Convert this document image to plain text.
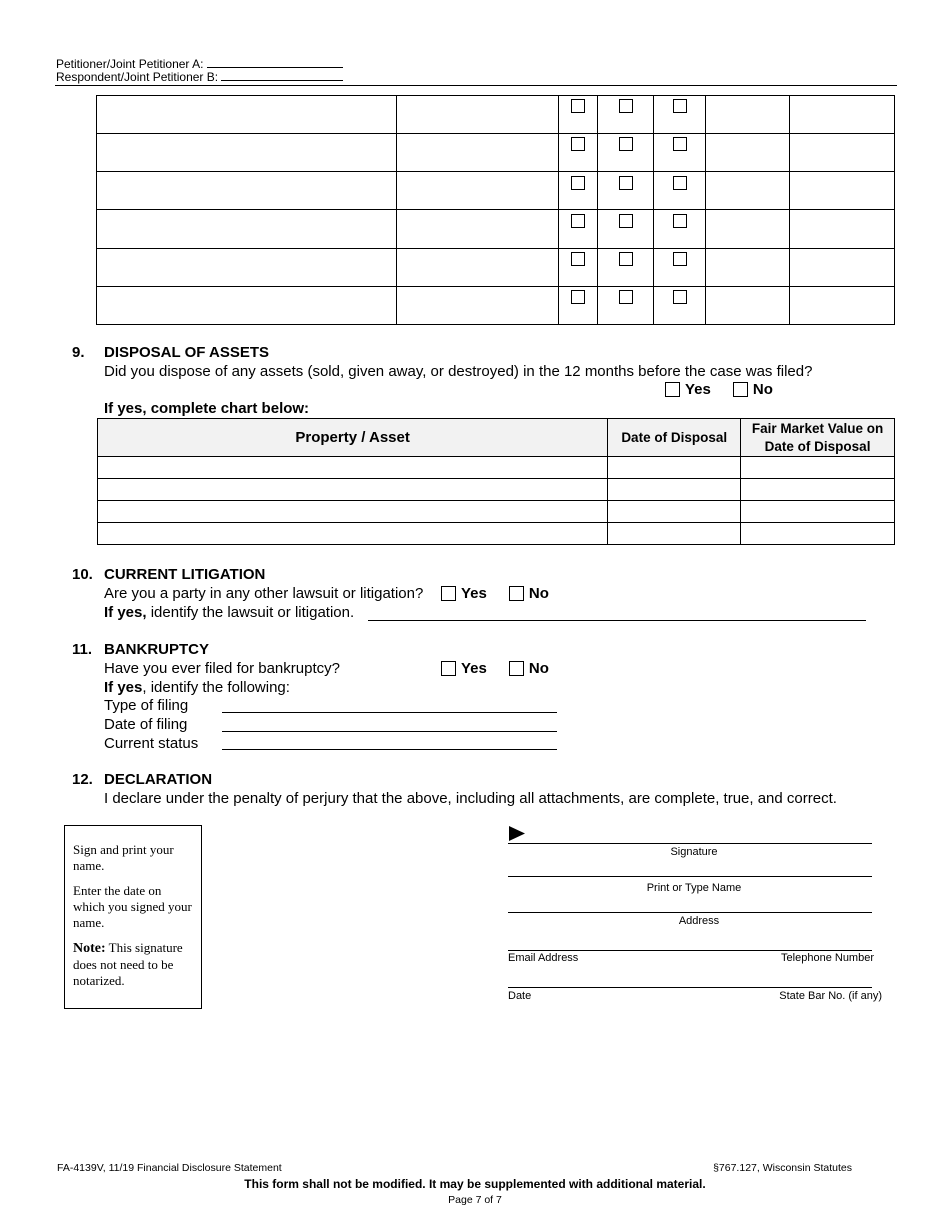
Petitioner/Joint Petitioner A:
Respondent/Joint Petitioner B:

9. DISPOSAL OF ASSETS
Did you dispose of any assets (sold, given away, or destroyed) in the 12 months before the case was filed?
Yes	No
If yes, complete chart below:
Property / Asset	Date of Disposal	Fair Market Value on Date of Disposal

10. CURRENT LITIGATION
Are you a party in any other lawsuit or litigation?	Yes	No
If yes, identify the lawsuit or litigation.
11. BANKRUPTCY
Have you ever filed for bankruptcy?	Yes	No
If yes, identify the following:
Type of filing
Date of filing
Current status
12. DECLARATION
I declare under the penalty of perjury that the above, including all attachments, are complete, true, and correct.

Sign and print your name.

Enter the date on which you signed your name.

Note: This signature does not need to be notarized.

Signature
Print or Type Name
Address
Email Address	Telephone Number
Date	State Bar No. (if any)
FA-4139V, 11/19 Financial Disclosure Statement	§767.127, Wisconsin Statutes
This form shall not be modified. It may be supplemented with additional material.
Page 7 of 7
